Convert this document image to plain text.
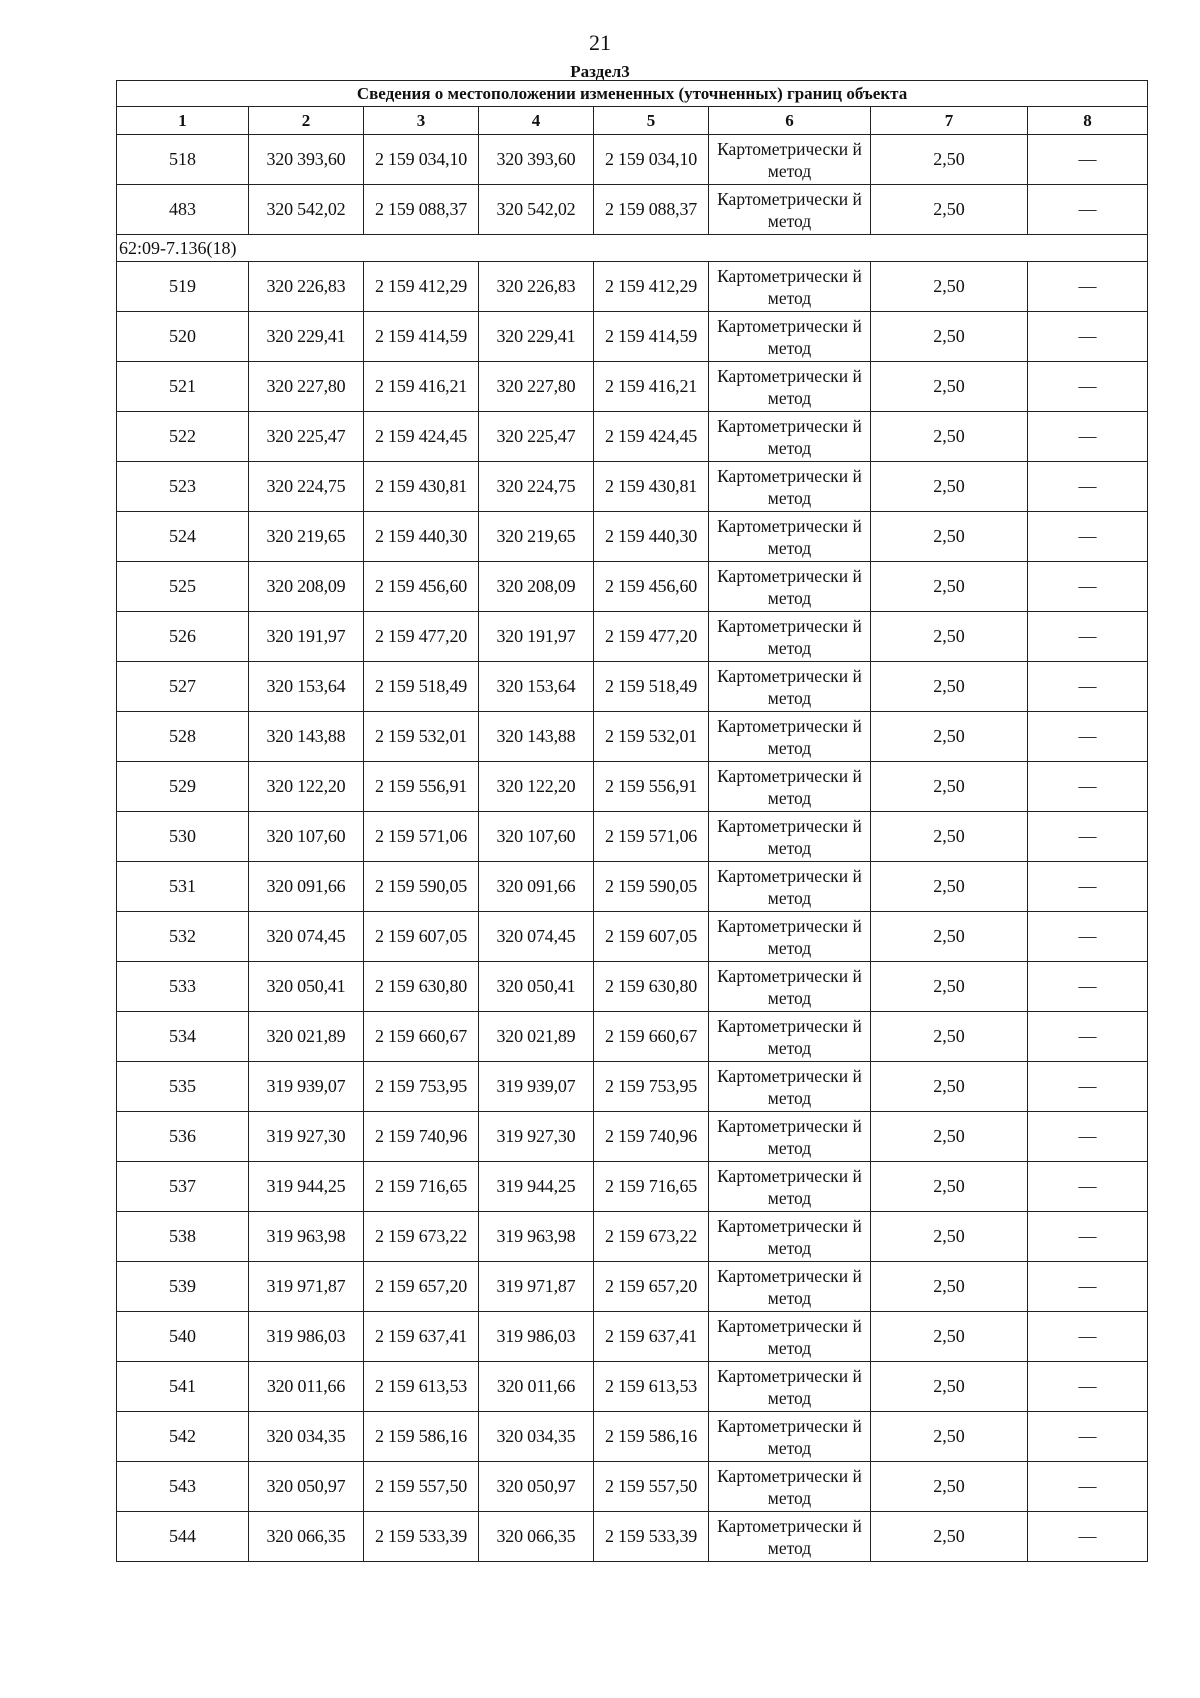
21
Раздел3
Сведения о местоположении измененных (уточненных) границ объекта							
1	2	3	4	5	6	7	8
518	320 393,60	2 159 034,10	320 393,60	2 159 034,10	Картометрически й метод	2,50	—
483	320 542,02	2 159 088,37	320 542,02	2 159 088,37	Картометрически й метод	2,50	—
62:09-7.136(18)							
519	320 226,83	2 159 412,29	320 226,83	2 159 412,29	Картометрически й метод	2,50	—
520	320 229,41	2 159 414,59	320 229,41	2 159 414,59	Картометрически й метод	2,50	—
521	320 227,80	2 159 416,21	320 227,80	2 159 416,21	Картометрически й метод	2,50	—
522	320 225,47	2 159 424,45	320 225,47	2 159 424,45	Картометрически й метод	2,50	—
523	320 224,75	2 159 430,81	320 224,75	2 159 430,81	Картометрически й метод	2,50	—
524	320 219,65	2 159 440,30	320 219,65	2 159 440,30	Картометрически й метод	2,50	—
525	320 208,09	2 159 456,60	320 208,09	2 159 456,60	Картометрически й метод	2,50	—
526	320 191,97	2 159 477,20	320 191,97	2 159 477,20	Картометрически й метод	2,50	—
527	320 153,64	2 159 518,49	320 153,64	2 159 518,49	Картометрически й метод	2,50	—
528	320 143,88	2 159 532,01	320 143,88	2 159 532,01	Картометрически й метод	2,50	—
529	320 122,20	2 159 556,91	320 122,20	2 159 556,91	Картометрически й метод	2,50	—
530	320 107,60	2 159 571,06	320 107,60	2 159 571,06	Картометрически й метод	2,50	—
531	320 091,66	2 159 590,05	320 091,66	2 159 590,05	Картометрически й метод	2,50	—
532	320 074,45	2 159 607,05	320 074,45	2 159 607,05	Картометрически й метод	2,50	—
533	320 050,41	2 159 630,80	320 050,41	2 159 630,80	Картометрически й метод	2,50	—
534	320 021,89	2 159 660,67	320 021,89	2 159 660,67	Картометрически й метод	2,50	—
535	319 939,07	2 159 753,95	319 939,07	2 159 753,95	Картометрически й метод	2,50	—
536	319 927,30	2 159 740,96	319 927,30	2 159 740,96	Картометрически й метод	2,50	—
537	319 944,25	2 159 716,65	319 944,25	2 159 716,65	Картометрически й метод	2,50	—
538	319 963,98	2 159 673,22	319 963,98	2 159 673,22	Картометрически й метод	2,50	—
539	319 971,87	2 159 657,20	319 971,87	2 159 657,20	Картометрически й метод	2,50	—
540	319 986,03	2 159 637,41	319 986,03	2 159 637,41	Картометрически й метод	2,50	—
541	320 011,66	2 159 613,53	320 011,66	2 159 613,53	Картометрически й метод	2,50	—
542	320 034,35	2 159 586,16	320 034,35	2 159 586,16	Картометрически й метод	2,50	—
543	320 050,97	2 159 557,50	320 050,97	2 159 557,50	Картометрически й метод	2,50	—
544	320 066,35	2 159 533,39	320 066,35	2 159 533,39	Картометрически й метод	2,50	—
